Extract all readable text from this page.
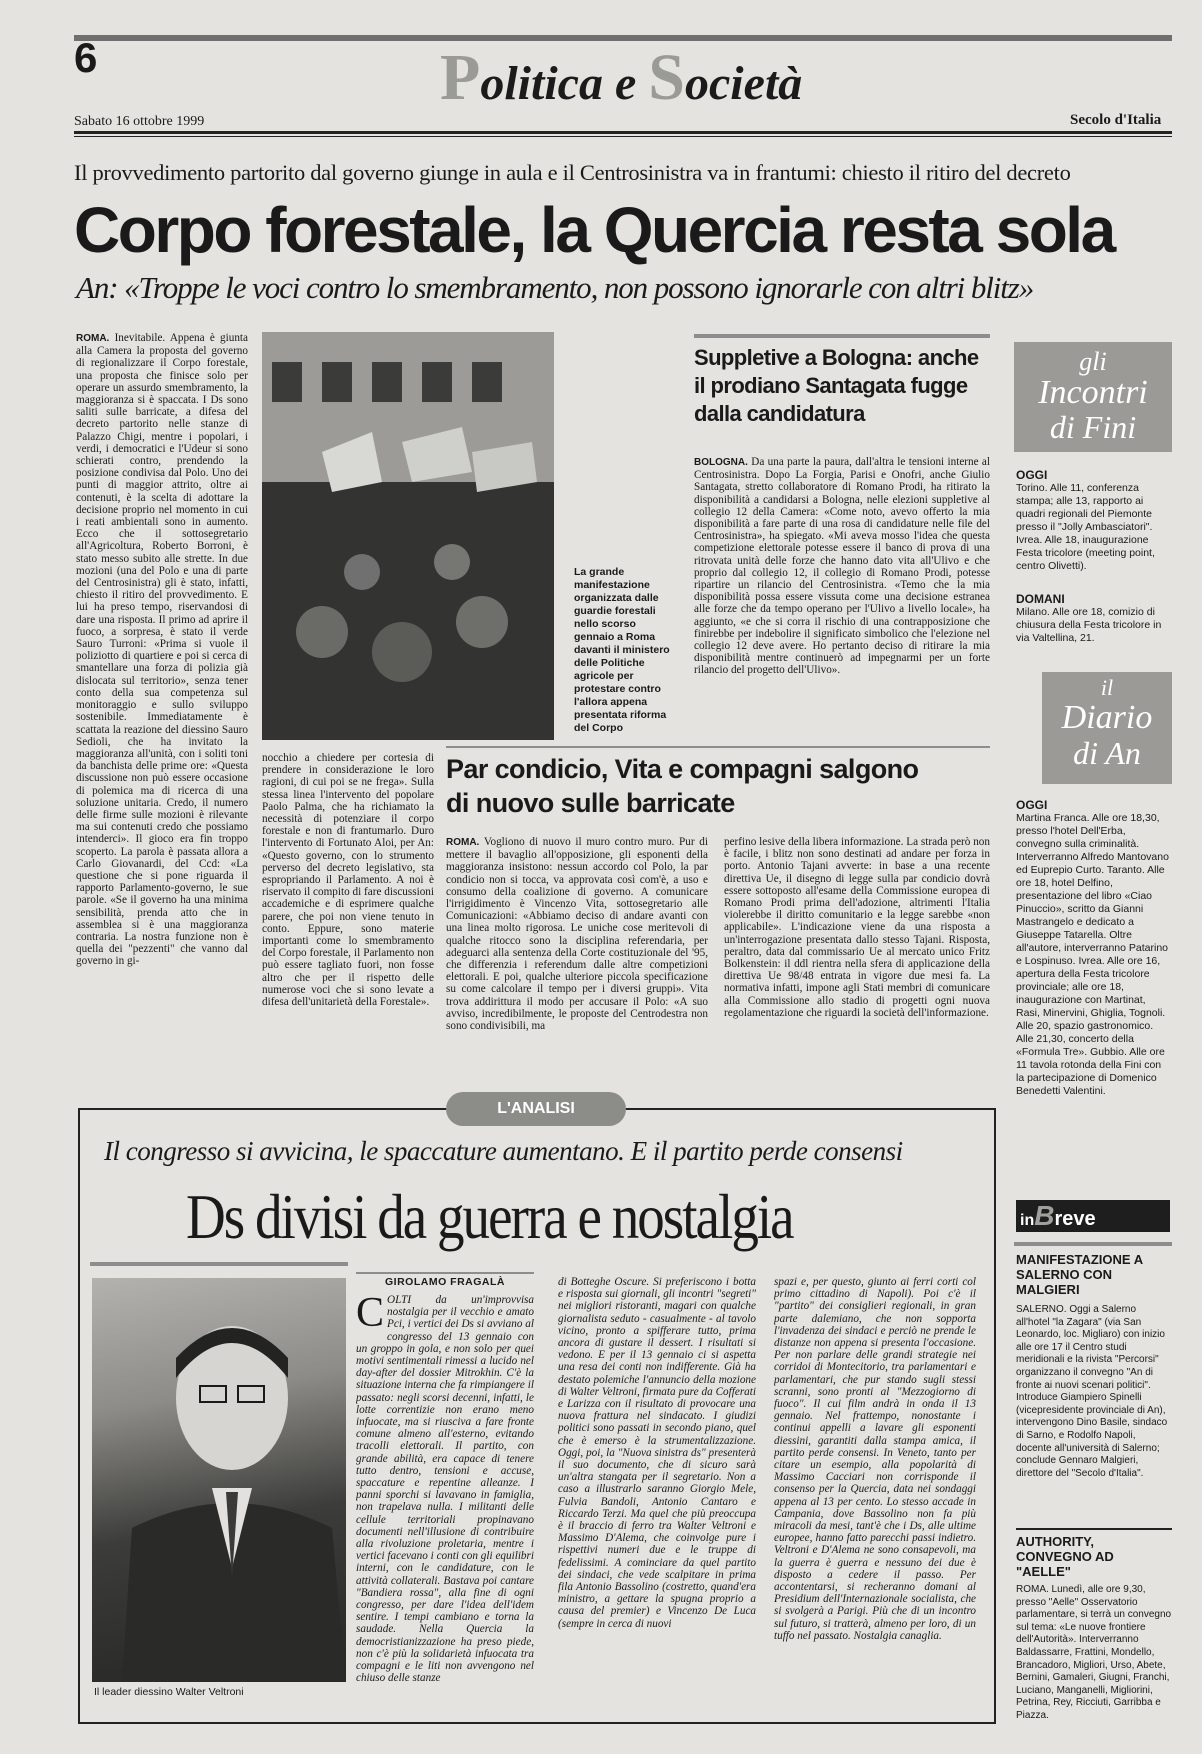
6	Politica e Società
Sabato 16 ottobre 1999	Secolo d'Italia
Il provvedimento partorito dal governo giunge in aula e il Centrosinistra va in frantumi: chiesto il ritiro del decreto
Corpo forestale, la Quercia resta sola
An: «Troppe le voci contro lo smembramento, non possono ignorarle con altri blitz»
ROMA. Inevitabile. Appena è giunta alla Camera la proposta del governo di regionalizzare il Corpo forestale, una proposta che finisce solo per operare un assurdo smembramento, la maggioranza si è spaccata. I Ds sono saliti sulle barricate, a difesa del decreto partorito nelle stanze di Palazzo Chigi, mentre i popolari, i verdi, i democratici e l'Udeur si sono schierati contro, prendendo la posizione condivisa dal Polo. Uno dei punti di maggior attrito, oltre ai contenuti, è la scelta di adottare la decisione proprio nel momento in cui i reati ambientali sono in aumento. Ecco che il sottosegretario all'Agricoltura, Roberto Borroni, è stato messo subito alle strette. In due mozioni (una del Polo e una di parte del Centrosinistra) gli è stato, infatti, chiesto il ritiro del provvedimento. E lui ha preso tempo, riservandosi di dare una risposta. Il primo ad aprire il fuoco, a sorpresa, è stato il verde Sauro Turroni: «Prima si vuole il poliziotto di quartiere e poi si cerca di smantellare una forza di polizia già dislocata sul territorio», senza tener conto della sua competenza sul monitoraggio e sullo sviluppo sostenibile. Immediatamente è scattata la reazione del diessino Sauro Sedioli, che ha invitato la maggioranza all'unità, con i soliti toni da banchista delle prime ore: «Questa discussione non può essere occasione di polemica ma di ricerca di una soluzione unitaria. Credo, il numero delle firme sulle mozioni è rilevante ma sui contenuti credo che possiamo intenderci». Il gioco era fin troppo scoperto. La parola è passata allora a Carlo Giovanardi, del Ccd: «La questione che si pone riguarda il rapporto Parlamento-governo, le sue parole. «Se il governo ha una minima sensibilità, prenda atto che in assemblea si è una maggioranza contraria. La nostra funzione non è quella dei "pezzenti" che vanno dal governo in gi-
La grande manifestazione organizzata dalle guardie forestali nello scorso gennaio a Roma davanti il ministero delle Politiche agricole per protestare contro l'allora appena presentata riforma del Corpo
nocchio a chiedere per cortesia di prendere in considerazione le loro ragioni, di cui poi se ne frega». Sulla stessa linea l'intervento del popolare Paolo Palma, che ha richiamato la necessità di potenziare il corpo forestale e non di frantumarlo. Duro l'intervento di Fortunato Aloi, per An: «Questo governo, con lo strumento perverso del decreto legislativo, sta espropriando il Parlamento. A noi è riservato il compito di fare discussioni accademiche e di esprimere qualche parere, che poi non viene tenuto in conto. Eppure, sono materie importanti come lo smembramento del Corpo forestale, il Parlamento non può essere tagliato fuori, non fosse altro che per il rispetto delle numerose voci che si sono levate a difesa dell'unitarietà della Forestale».
Suppletive a Bologna: anche il prodiano Santagata fugge dalla candidatura
BOLOGNA. Da una parte la paura, dall'altra le tensioni interne al Centrosinistra. Dopo La Forgia, Parisi e Onofri, anche Giulio Santagata, stretto collaboratore di Romano Prodi, ha ritirato la disponibilità a candidarsi a Bologna, nelle elezioni suppletive al collegio 12 della Camera: «Come noto, avevo offerto la mia disponibilità a fare parte di una rosa di candidature nelle file del Centrosinistra», ha spiegato. «Mi aveva mosso l'idea che questa competizione elettorale potesse essere il banco di prova di una ritrovata unità delle forze che hanno dato vita all'Ulivo e che proprio dal collegio 12, il collegio di Romano Prodi, potesse ripartire un rilancio del Centrosinistra. «Temo che la mia disponibilità possa essere vissuta come una decisione estranea alle forze che da tempo operano per l'Ulivo a livello locale», ha aggiunto, «e che si corra il rischio di una contrapposizione che finirebbe per indebolire il significato simbolico che l'elezione nel collegio 12 deve avere. Ho pertanto deciso di ritirare la mia disponibilità mentre continuerò ad impegnarmi per un forte rilancio del progetto dell'Ulivo».
Par condicio, Vita e compagni salgono di nuovo sulle barricate
ROMA. Vogliono di nuovo il muro contro muro. Pur di mettere il bavaglio all'opposizione, gli esponenti della maggioranza insistono: nessun accordo col Polo, la par condicio non si tocca, va approvata così com'è, a uso e consumo della coalizione di governo. A comunicare l'irrigidimento è Vincenzo Vita, sottosegretario alle Comunicazioni: «Abbiamo deciso di andare avanti con una linea molto rigorosa. Le uniche cose meritevoli di qualche ritocco sono la disciplina referendaria, per adeguarci alla sentenza della Corte costituzionale del '95, che differenzia i referendum dalle altre competizioni elettorali. E poi, qualche ulteriore piccola specificazione su come calcolare il tempo per i diversi gruppi». Vita trova addirittura il modo per accusare il Polo: «A suo avviso, incredibilmente, le proposte del Centrodestra non sono condivisibili, ma
perfino lesive della libera informazione. La strada però non è facile, i blitz non sono destinati ad andare per forza in porto. Antonio Tajani avverte: in base a una recente direttiva Ue, il disegno di legge sulla par condicio dovrà essere sottoposto all'esame della Commissione europea di Romano Prodi prima dell'adozione, altrimenti l'Italia violerebbe il diritto comunitario e la legge sarebbe «non applicabile». L'indicazione viene da una risposta a un'interrogazione presentata dallo stesso Tajani. Risposta, peraltro, data dal commissario Ue al mercato unico Fritz Bolkenstein: il ddl rientra nella sfera di applicazione della direttiva Ue 98/48 entrata in vigore due mesi fa. La normativa infatti, impone agli Stati membri di comunicare alla Commissione allo stadio di progetti ogni nuova regolamentazione che riguardi la società dell'informazione.
gli
Incontri
di Fini
OGGI
Torino. Alle 11, conferenza stampa; alle 13, rapporto ai quadri regionali del Piemonte presso il "Jolly Ambasciatori". Ivrea. Alle 18, inaugurazione Festa tricolore (meeting point, centro Olivetti).
DOMANI
Milano. Alle ore 18, comizio di chiusura della Festa tricolore in via Valtellina, 21.
il
Diario
di An
OGGI
Martina Franca. Alle ore 18,30, presso l'hotel Dell'Erba, convegno sulla criminalità. Interverranno Alfredo Mantovano ed Euprepio Curto. Taranto. Alle ore 18, hotel Delfino, presentazione del libro «Ciao Pinuccio», scritto da Gianni Mastrangelo e dedicato a Giuseppe Tatarella. Oltre all'autore, interverranno Patarino e Lospinuso. Ivrea. Alle ore 16, apertura della Festa tricolore provinciale; alle ore 18, inaugurazione con Martinat, Rasi, Minervini, Ghiglia, Tognoli. Alle 20, spazio gastronomico. Alle 21,30, concerto della «Formula Tre». Gubbio. Alle ore 11 tavola rotonda della Fini con la partecipazione di Domenico Benedetti Valentini.
inBreve
MANIFESTAZIONE A SALERNO CON MALGIERI
SALERNO. Oggi a Salerno all'hotel "la Zagara" (via San Leonardo, loc. Migliaro) con inizio alle ore 17 il Centro studi meridionali e la rivista "Percorsi" organizzano il convegno "An di fronte ai nuovi scenari politici". Introduce Giampiero Spinelli (vicepresidente provinciale di An), intervengono Dino Basile, sindaco di Sarno, e Rodolfo Napoli, docente all'università di Salerno; conclude Gennaro Malgieri, direttore del "Secolo d'Italia".
AUTHORITY, CONVEGNO AD "AELLE"
ROMA. Lunedì, alle ore 9,30, presso "Aelle" Osservatorio parlamentare, si terrà un convegno sul tema: «Le nuove frontiere dell'Autorità». Interverranno Baldassarre, Frattini, Mondello, Brancadoro, Migliori, Urso, Abete, Bernini, Gamaleri, Giugni, Franchi, Luciano, Manganelli, Migliorini, Petrina, Rey, Ricciuti, Garribba e Piazza.
L'ANALISI
Il congresso si avvicina, le spaccature aumentano. E il partito perde consensi
Ds divisi da guerra e nostalgia
Il leader diessino Walter Veltroni
GIROLAMO FRAGALÀ
COLTI da un'improvvisa nostalgia per il vecchio e amato Pci, i vertici dei Ds si avviano al congresso del 13 gennaio con un groppo in gola, e non solo per quei motivi sentimentali rimessi a lucido nel day-after del dossier Mitrokhin. C'è la situazione interna che fa rimpiangere il passato: negli scorsi decenni, infatti, le lotte correntizie non erano meno infuocate, ma si riusciva a fare fronte comune almeno all'esterno, evitando tracolli elettorali. Il partito, con grande abilità, era capace di tenere tutto dentro, tensioni e accuse, spaccature e repentine alleanze. I panni sporchi si lavavano in famiglia, non trapelava nulla. I militanti delle cellule territoriali propinavano documenti nell'illusione di contribuire alla rivoluzione proletaria, mentre i vertici facevano i conti con gli equilibri interni, con le candidature, con le attività collaterali. Bastava poi cantare "Bandiera rossa", alla fine di ogni congresso, per dare l'idea dell'idem sentire. I tempi cambiano e torna la saudade. Nella Quercia la democristianizzazione ha preso piede, non c'è più la solidarietà infuocata tra compagni e le liti non avvengono nel chiuso delle stanze
di Botteghe Oscure. Si preferiscono i botta e risposta sui giornali, gli incontri "segreti" nei migliori ristoranti, magari con qualche giornalista seduto - casualmente - al tavolo vicino, pronto a spifferare tutto, prima ancora di gustare il dessert. I risultati si vedono. E per il 13 gennaio ci si aspetta una resa dei conti non indifferente. Già ha destato polemiche l'annuncio della mozione di Walter Veltroni, firmata pure da Cofferati e Larizza con il risultato di provocare una nuova frattura nel sindacato. I giudizi politici sono passati in secondo piano, quel che è emerso è la strumentalizzazione. Oggi, poi, la "Nuova sinistra ds" presenterà il suo documento, che di sicuro sarà un'altra stangata per il segretario. Non a caso a illustrarlo saranno Giorgio Mele, Fulvia Bandoli, Antonio Cantaro e Riccardo Terzi. Ma quel che più preoccupa è il braccio di ferro tra Walter Veltroni e Massimo D'Alema, che coinvolge pure i rispettivi numeri due e le truppe di fedelissimi. A cominciare da quel partito dei sindaci, che vede scalpitare in prima fila Antonio Bassolino (costretto, quand'era ministro, a gettare la spugna proprio a causa del premier) e Vincenzo De Luca (sempre in cerca di nuovi
spazi e, per questo, giunto ai ferri corti col primo cittadino di Napoli). Poi c'è il "partito" dei consiglieri regionali, in gran parte dalemiano, che non sopporta l'invadenza dei sindaci e perciò ne prende le distanze non appena si presenta l'occasione. Per non parlare delle grandi strategie nei corridoi di Montecitorio, tra parlamentari e parlamentari, che pur stando sugli stessi scranni, sono pronti al "Mezzogiorno di fuoco". Il cui film andrà in onda il 13 gennaio. Nel frattempo, nonostante i continui appelli a lavare gli esponenti diessini, garantiti dalla stampa amica, il partito perde consensi. In Veneto, tanto per citare un esempio, alla popolarità di Massimo Cacciari non corrisponde il consenso per la Quercia, data nei sondaggi appena al 13 per cento. Lo stesso accade in Campania, dove Bassolino non fa più miracoli da mesi, tant'è che i Ds, alle ultime europee, hanno fatto parecchi passi indietro. Veltroni e D'Alema ne sono consapevoli, ma la guerra è guerra e nessuno dei due è disposto a cedere il passo. Per accontentarsi, si recheranno domani al Presidium dell'Internazionale socialista, che si svolgerà a Parigi. Più che di un incontro sul futuro, si tratterà, almeno per loro, di un tuffo nel passato. Nostalgia canaglia.
